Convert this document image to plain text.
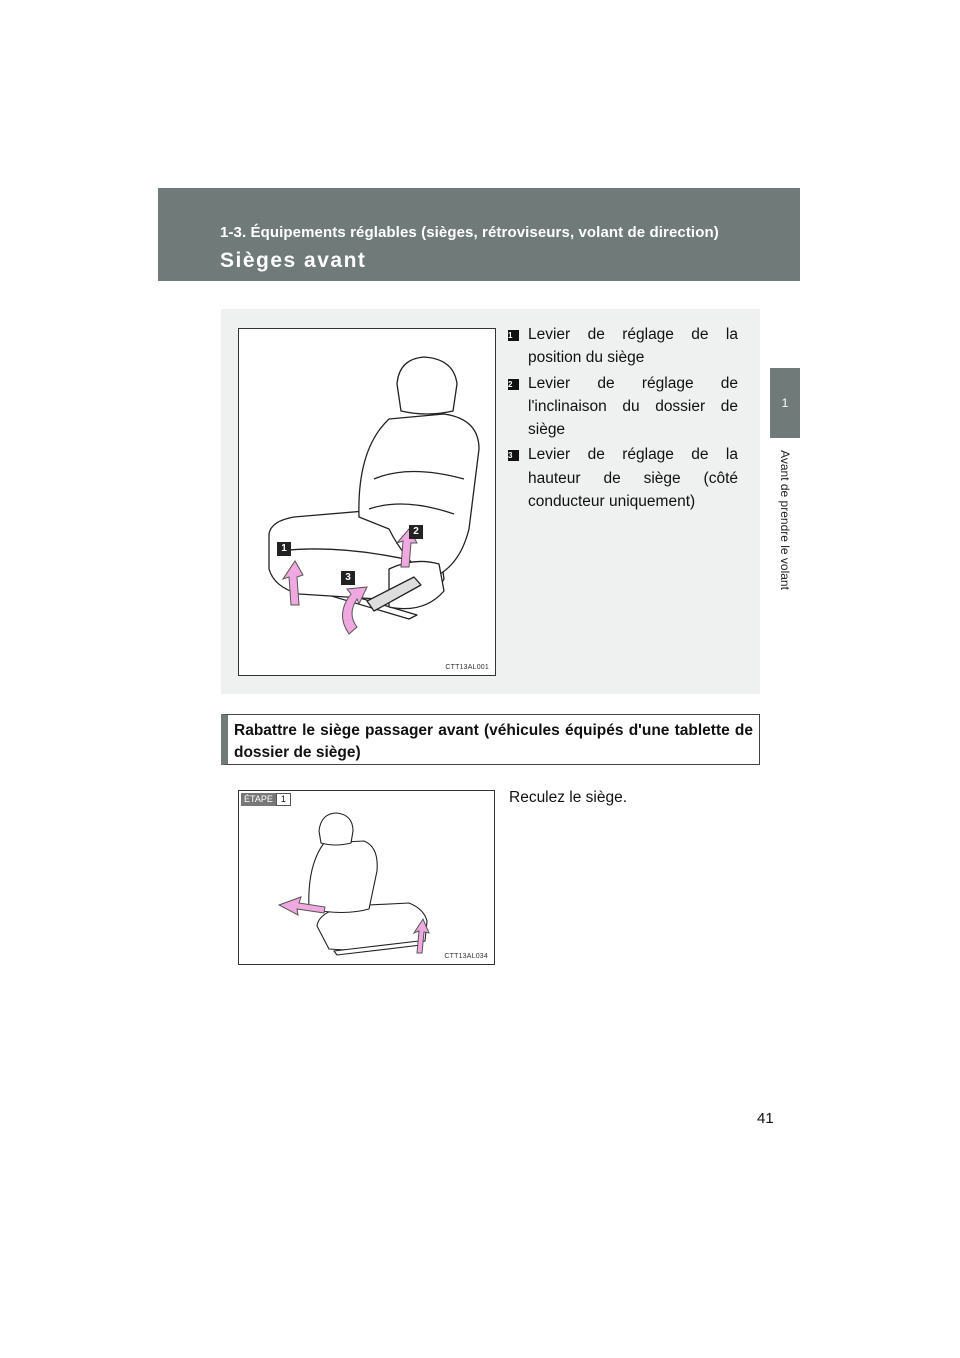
1-3. Équipements réglables (sièges, rétroviseurs, volant de direction)
Sièges avant
1
Avant de prendre le volant
1
2
3
CTT13AL001
1	Levier de réglage de la position du siège
2	Levier de réglage de l'inclinaison du dossier de siège
3	Levier de réglage de la hauteur de siège (côté conducteur uniquement)
Rabattre le siège passager avant (véhicules équipés d'une tablette de dossier de siège)
ÉTAPE 1
CTT13AL034
Reculez le siège.
41
